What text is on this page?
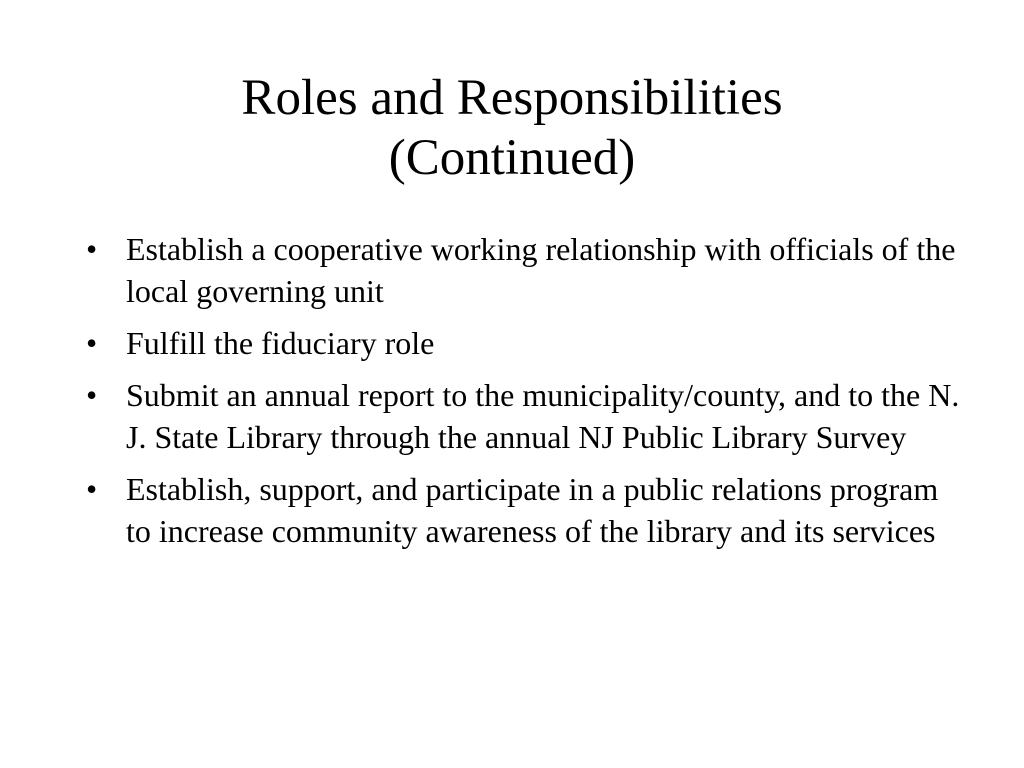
Roles and Responsibilities
(Continued)
• Establish a cooperative working relationship with officials of the local governing unit
• Fulfill the fiduciary role
• Submit an annual report to the municipality/county, and to the N. J. State Library through the annual NJ Public Library Survey
• Establish, support, and participate in a public relations program to increase community awareness of the library and its services
